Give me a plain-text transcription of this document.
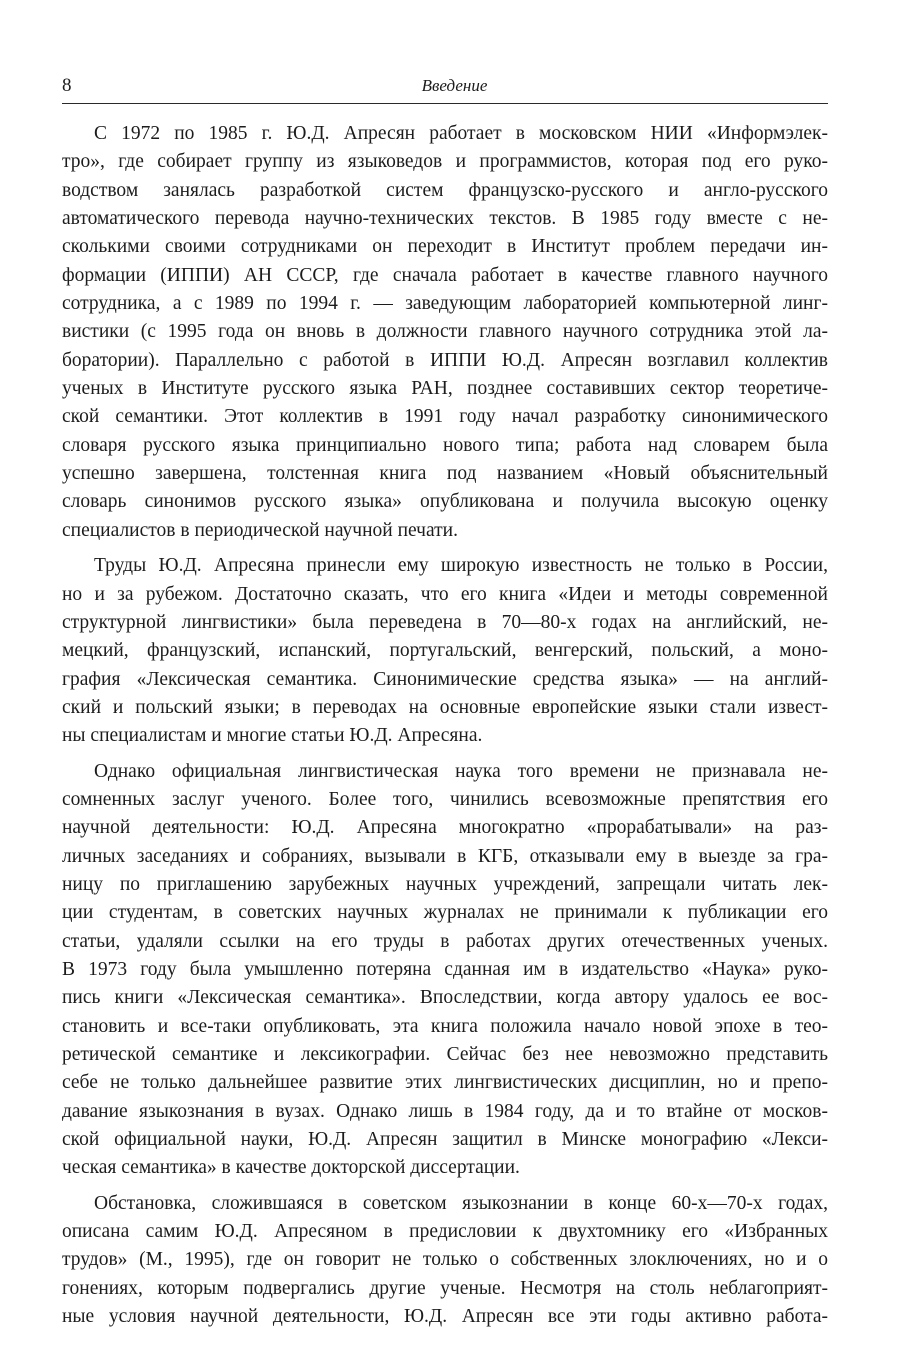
8	Введение
С 1972 по 1985 г. Ю.Д. Апресян работает в московском НИИ «Информэлек-
тро», где собирает группу из языковедов и программистов, которая под его руко-
водством занялась разработкой систем французско-русского и англо-русского
автоматического перевода научно-технических текстов. В 1985 году вместе с не-
сколькими своими сотрудниками он переходит в Институт проблем передачи ин-
формации (ИППИ) АН СССР, где сначала работает в качестве главного научного
сотрудника, а с 1989 по 1994 г. — заведующим лабораторией компьютерной линг-
вистики (с 1995 года он вновь в должности главного научного сотрудника этой ла-
боратории). Параллельно с работой в ИППИ Ю.Д. Апресян возглавил коллектив
ученых в Институте русского языка РАН, позднее составивших сектор теоретиче-
ской семантики. Этот коллектив в 1991 году начал разработку синонимического
словаря русского языка принципиально нового типа; работа над словарем была
успешно завершена, толстенная книга под названием «Новый объяснительный
словарь синонимов русского языка» опубликована и получила высокую оценку
специалистов в периодической научной печати.
Труды Ю.Д. Апресяна принесли ему широкую известность не только в России,
но и за рубежом. Достаточно сказать, что его книга «Идеи и методы современной
структурной лингвистики» была переведена в 70—80-х годах на английский, не-
мецкий, французский, испанский, португальский, венгерский, польский, а моно-
графия «Лексическая семантика. Синонимические средства языка» — на англий-
ский и польский языки; в переводах на основные европейские языки стали извест-
ны специалистам и многие статьи Ю.Д. Апресяна.
Однако официальная лингвистическая наука того времени не признавала не-
сомненных заслуг ученого. Более того, чинились всевозможные препятствия его
научной деятельности: Ю.Д. Апресяна многократно «прорабатывали» на раз-
личных заседаниях и собраниях, вызывали в КГБ, отказывали ему в выезде за гра-
ницу по приглашению зарубежных научных учреждений, запрещали читать лек-
ции студентам, в советских научных журналах не принимали к публикации его
статьи, удаляли ссылки на его труды в работах других отечественных ученых.
В 1973 году была умышленно потеряна сданная им в издательство «Наука» руко-
пись книги «Лексическая семантика». Впоследствии, когда автору удалось ее вос-
становить и все-таки опубликовать, эта книга положила начало новой эпохе в тео-
ретической семантике и лексикографии. Сейчас без нее невозможно представить
себе не только дальнейшее развитие этих лингвистических дисциплин, но и препо-
давание языкознания в вузах. Однако лишь в 1984 году, да и то втайне от москов-
ской официальной науки, Ю.Д. Апресян защитил в Минске монографию «Лекси-
ческая семантика» в качестве докторской диссертации.
Обстановка, сложившаяся в советском языкознании в конце 60-х—70-х годах,
описана самим Ю.Д. Апресяном в предисловии к двухтомнику его «Избранных
трудов» (М., 1995), где он говорит не только о собственных злоключениях, но и о
гонениях, которым подвергались другие ученые. Несмотря на столь неблагоприят-
ные условия научной деятельности, Ю.Д. Апресян все эти годы активно работа-
